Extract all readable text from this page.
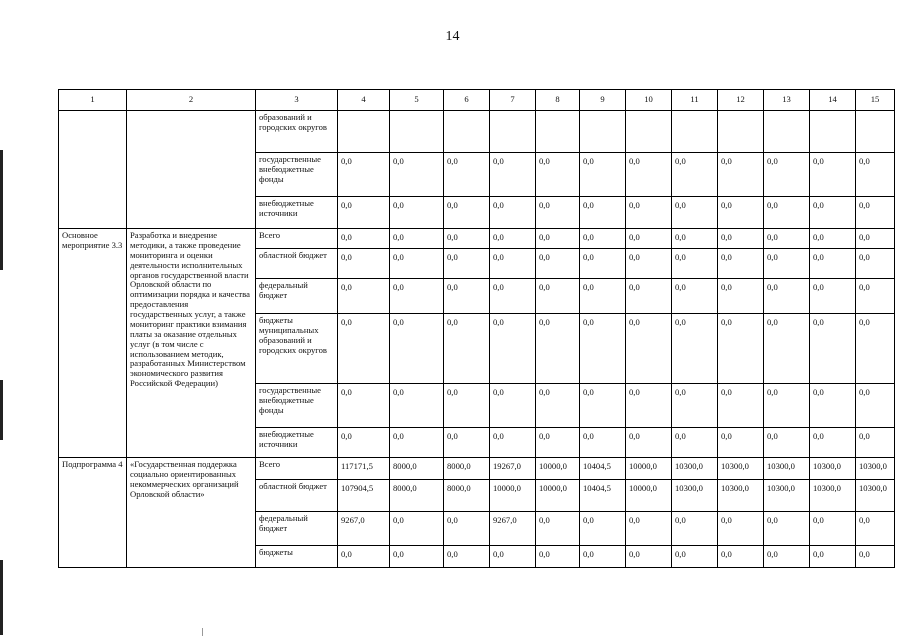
14
1	2	3	4	5	6	7	8	9	10	11	12	13	14	15
		образований и городских округов												
		государственные внебюджетные фонды	0,0	0,0	0,0	0,0	0,0	0,0	0,0	0,0	0,0	0,0	0,0	0,0
		внебюджетные источники	0,0	0,0	0,0	0,0	0,0	0,0	0,0	0,0	0,0	0,0	0,0	0,0
Основное мероприятие 3.3	Разработка и внедрение методики, а также проведение мониторинга и оценки деятельности исполнительных органов государственной власти Орловской области по оптимизации порядка и качества предоставления государственных услуг, а также мониторинг практики взимания платы за оказание отдельных услуг (в том числе с использованием методик, разработанных Министерством экономического развития Российской Федерации)	Всего	0,0	0,0	0,0	0,0	0,0	0,0	0,0	0,0	0,0	0,0	0,0	0,0
		областной бюджет	0,0	0,0	0,0	0,0	0,0	0,0	0,0	0,0	0,0	0,0	0,0	0,0
		федеральный бюджет	0,0	0,0	0,0	0,0	0,0	0,0	0,0	0,0	0,0	0,0	0,0	0,0
		бюджеты муниципальных образований и городских округов	0,0	0,0	0,0	0,0	0,0	0,0	0,0	0,0	0,0	0,0	0,0	0,0
		государственные внебюджетные фонды	0,0	0,0	0,0	0,0	0,0	0,0	0,0	0,0	0,0	0,0	0,0	0,0
		внебюджетные источники	0,0	0,0	0,0	0,0	0,0	0,0	0,0	0,0	0,0	0,0	0,0	0,0
Подпрограмма 4	«Государственная поддержка социально ориентированных некоммерческих организаций Орловской области»	Всего	117171,5	8000,0	8000,0	19267,0	10000,0	10404,5	10000,0	10300,0	10300,0	10300,0	10300,0	10300,0
		областной бюджет	107904,5	8000,0	8000,0	10000,0	10000,0	10404,5	10000,0	10300,0	10300,0	10300,0	10300,0	10300,0
		федеральный бюджет	9267,0	0,0	0,0	9267,0	0,0	0,0	0,0	0,0	0,0	0,0	0,0	0,0
		бюджеты	0,0	0,0	0,0	0,0	0,0	0,0	0,0	0,0	0,0	0,0	0,0	0,0
